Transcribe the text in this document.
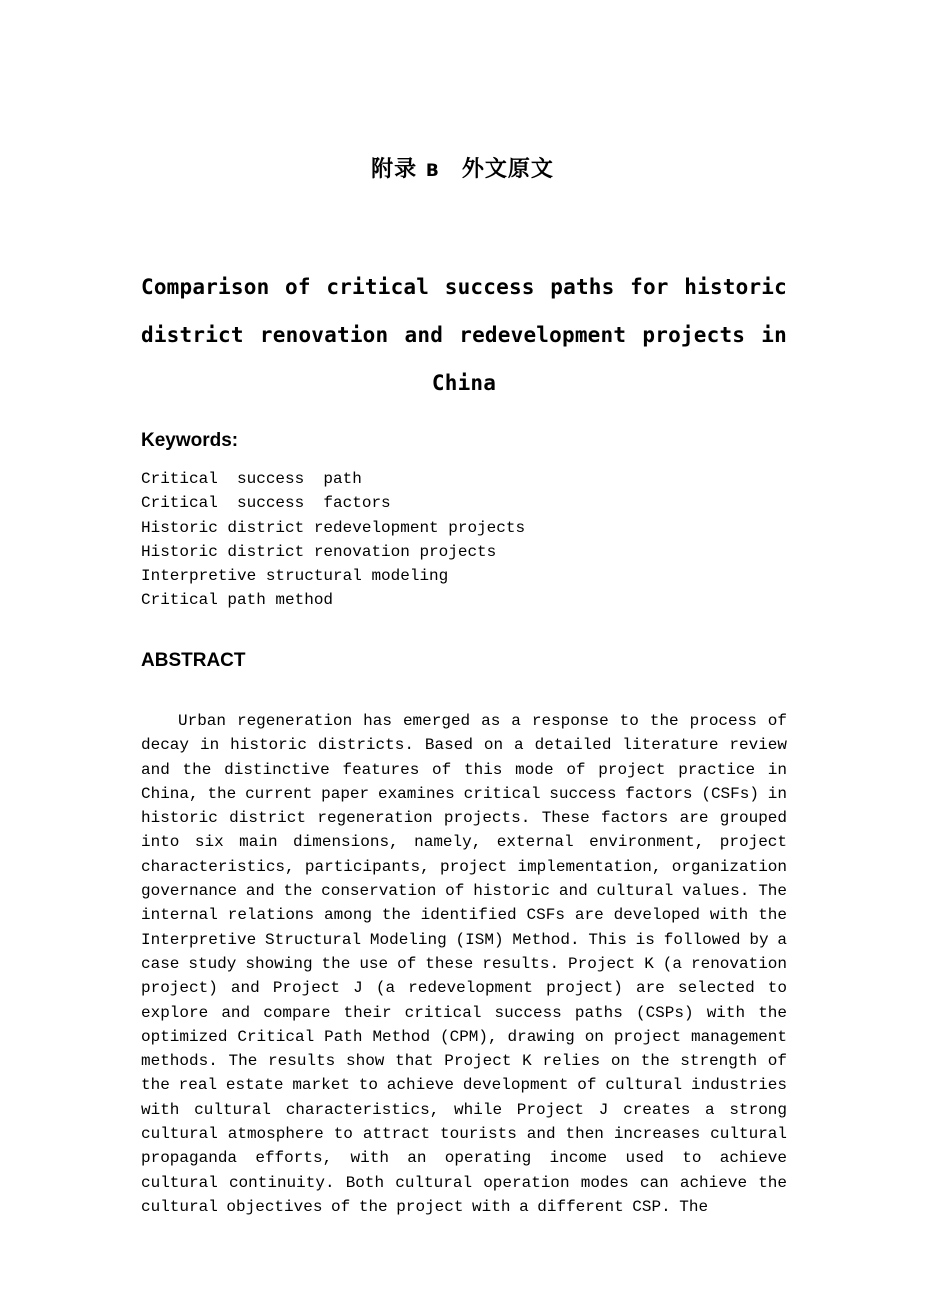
附录 B 外文原文
Comparison of critical success paths for historic district renovation and redevelopment projects in China
Keywords:
Critical  success  path
Critical  success  factors
Historic district redevelopment projects
Historic district renovation projects
Interpretive structural modeling
Critical path method
ABSTRACT

Urban regeneration has emerged as a response to the process of decay in historic districts. Based on a detailed literature review and the distinctive features of this mode of project practice in China, the current paper examines critical success factors (CSFs) in historic district regeneration projects. These factors are grouped into six main dimensions, namely, external environment, project characteristics, participants, project implementation, organization governance and the conservation of historic and cultural values. The internal relations among the identified CSFs are developed with the Interpretive Structural Modeling (ISM) Method. This is followed by a case study showing the use of these results. Project K (a renovation project) and Project J (a redevelopment project) are selected to explore and compare their critical success paths (CSPs) with the optimized Critical Path Method (CPM), drawing on project management methods. The results show that Project K relies on the strength of the real estate market to achieve development of cultural industries with cultural characteristics, while Project J creates a strong cultural atmosphere to attract tourists and then increases cultural propaganda efforts, with an operating income used to achieve cultural continuity. Both cultural operation modes can achieve the cultural objectives of the project with a different CSP. The
